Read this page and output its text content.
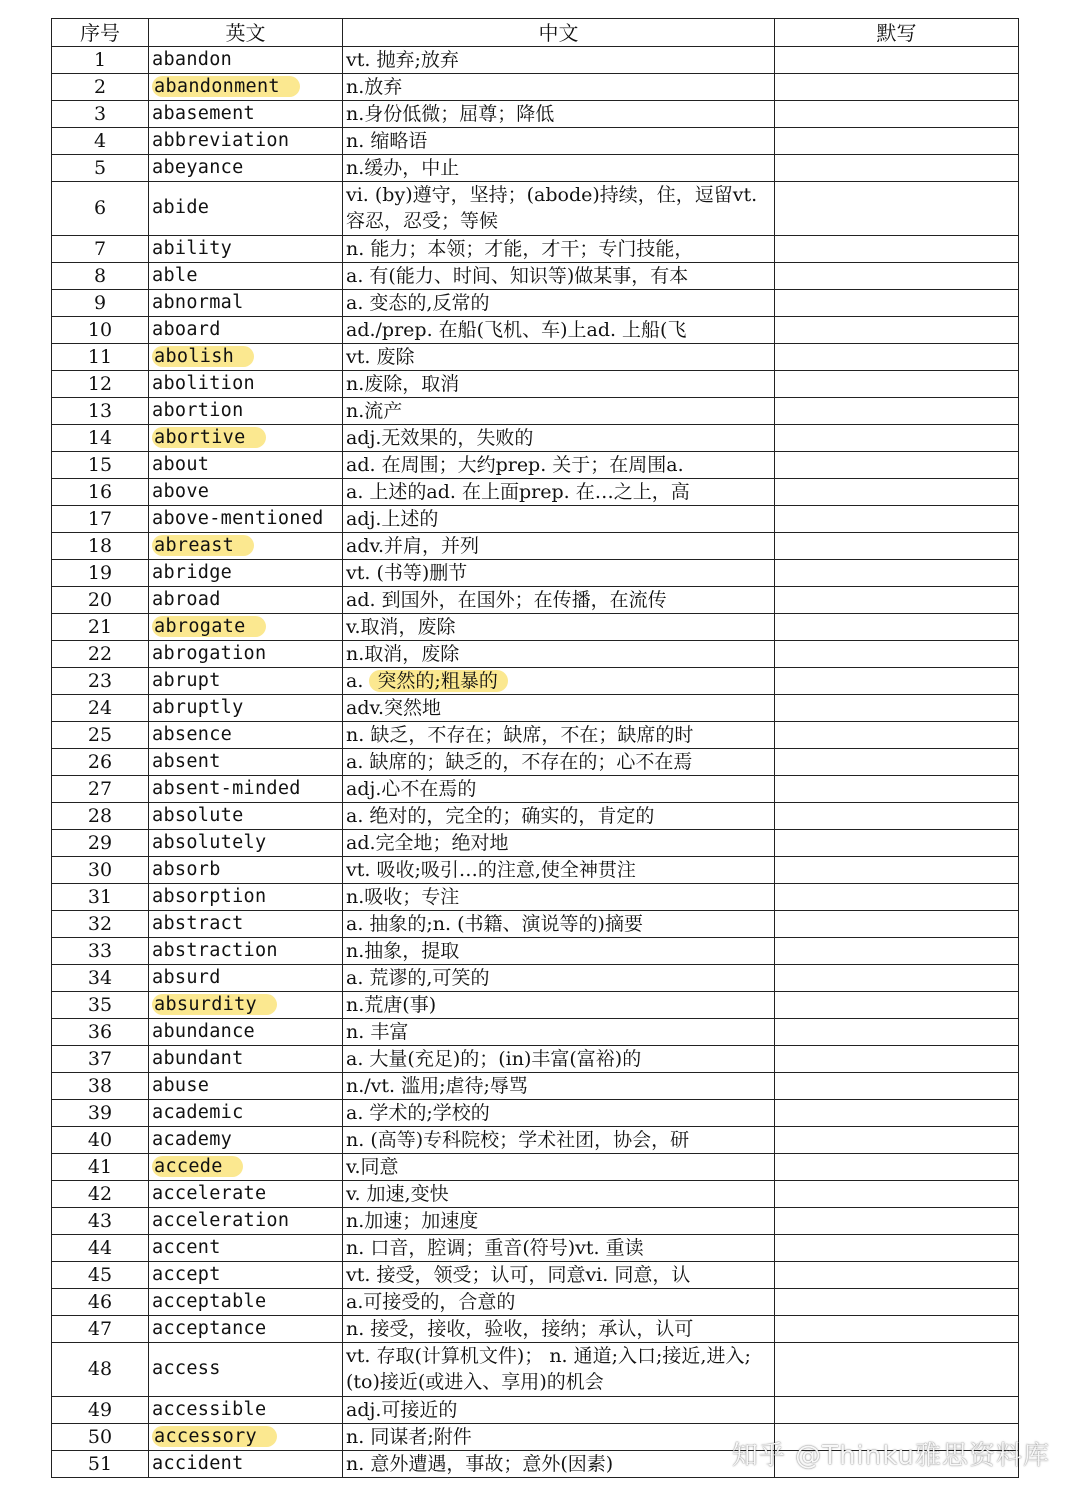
序号	英文	中文	默写
1	abandon	vt. 抛弃;放弃	
2	abandonment	n.放弃	
3	abasement	n.身份低微；屈尊；降低	
4	abbreviation	n. 缩略语	
5	abeyance	n.缓办，中止	
6	abide	vi. (by)遵守，坚持；(abode)持续，住，逗留vt. 容忍，忍受；等候	
7	ability	n. 能力；本领；才能，才干；专门技能，	
8	able	a. 有(能力、时间、知识等)做某事，有本	
9	abnormal	a. 变态的,反常的	
10	aboard	ad./prep. 在船(飞机、车)上ad. 上船(飞	
11	abolish	vt. 废除	
12	abolition	n.废除，取消	
13	abortion	n.流产	
14	abortive	adj.无效果的，失败的	
15	about	ad. 在周围；大约prep. 关于；在周围a.	
16	above	a. 上述的ad. 在上面prep. 在…之上，高	
17	above-mentioned	adj.上述的	
18	abreast	adv.并肩，并列	
19	abridge	vt. (书等)删节	
20	abroad	ad. 到国外，在国外；在传播，在流传	
21	abrogate	v.取消，废除	
22	abrogation	n.取消，废除	
23	abrupt	a. 突然的;粗暴的	
24	abruptly	adv.突然地	
25	absence	n. 缺乏，不存在；缺席，不在；缺席的时	
26	absent	a. 缺席的；缺乏的，不存在的；心不在焉	
27	absent-minded	adj.心不在焉的	
28	absolute	a. 绝对的，完全的；确实的，肯定的	
29	absolutely	ad.完全地；绝对地	
30	absorb	vt. 吸收;吸引…的注意,使全神贯注	
31	absorption	n.吸收；专注	
32	abstract	a. 抽象的;n. (书籍、演说等的)摘要	
33	abstraction	n.抽象，提取	
34	absurd	a. 荒谬的,可笑的	
35	absurdity	n.荒唐(事)	
36	abundance	n. 丰富	
37	abundant	a. 大量(充足)的；(in)丰富(富裕)的	
38	abuse	n./vt. 滥用;虐待;辱骂	
39	academic	a. 学术的;学校的	
40	academy	n. (高等)专科院校；学术社团，协会，研	
41	accede	v.同意	
42	accelerate	v. 加速,变快	
43	acceleration	n.加速；加速度	
44	accent	n. 口音，腔调；重音(符号)vt. 重读	
45	accept	vt. 接受，领受；认可，同意vi. 同意，认	
46	acceptable	a.可接受的，合意的	
47	acceptance	n. 接受，接收，验收，接纳；承认，认可	
48	access	vt. 存取(计算机文件)； n. 通道;入口;接近,进入;(to)接近(或进入、享用)的机会	
49	accessible	adj.可接近的	
50	accessory	n. 同谋者;附件	
51	accident	n. 意外遭遇，事故；意外(因素)		知乎 @Thinku雅思资料库
